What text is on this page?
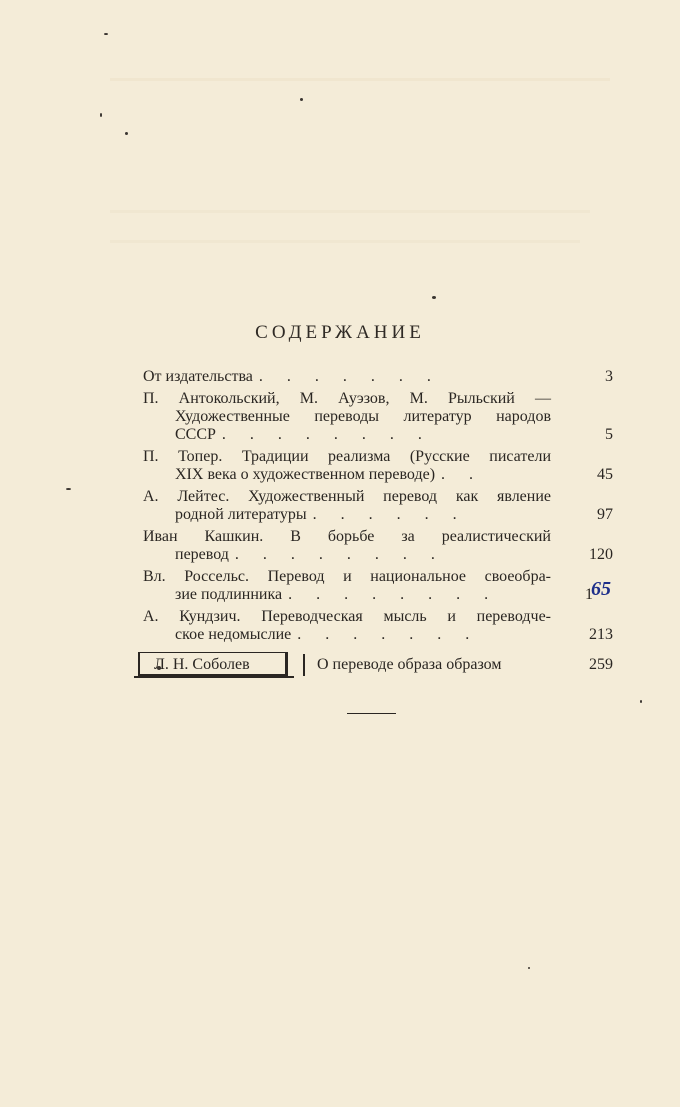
СОДЕРЖАНИЕ
От издательства . . . . . . .	3
П. Антокольский, М. Ауэзов, М. Рыльский —
Художественные переводы литератур народов
СССР . . . . . . . .	5
П. Топер. Традиции реализма (Русские писатели
XIX века о художественном переводе) . .	45
А. Лейтес. Художественный перевод как явление
родной литературы . . . . . .	97
Иван Кашкин. В борьбе за реалистический
перевод . . . . . . . .	120
Вл. Россельс. Перевод и национальное своеобра-
зие подлинника . . . . . . . .	165
А. Кундзич. Переводческая мысль и переводче-
ское недомыслие . . . . . . .	213
Л. Н. Соболев	О переводе образа образом	259
